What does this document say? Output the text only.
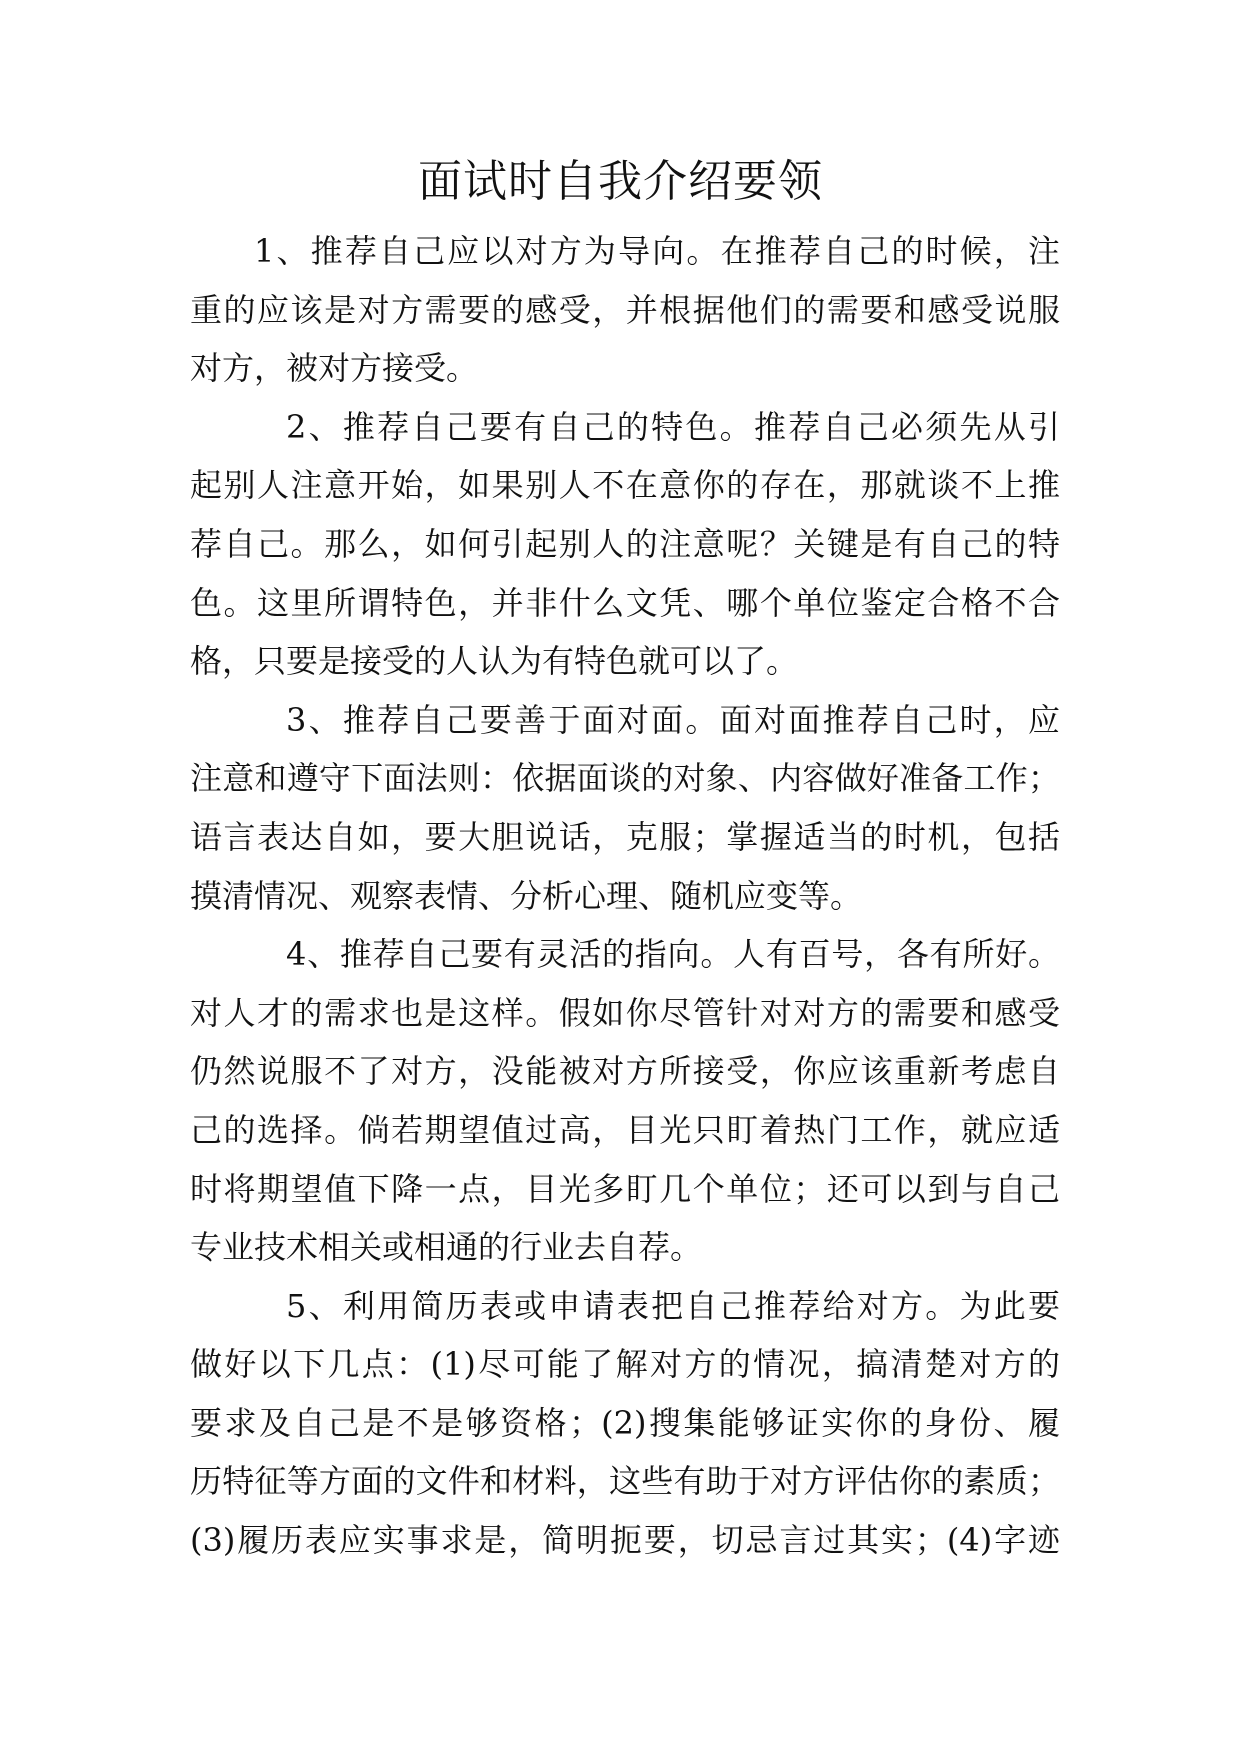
面试时自我介绍要领
1、推荐自己应以对方为导向。在推荐自己的时候，注
重的应该是对方需要的感受，并根据他们的需要和感受说服
对方，被对方接受。
2、推荐自己要有自己的特色。推荐自己必须先从引
起别人注意开始，如果别人不在意你的存在，那就谈不上推
荐自己。那么，如何引起别人的注意呢？关键是有自己的特
色。这里所谓特色，并非什么文凭、哪个单位鉴定合格不合
格，只要是接受的人认为有特色就可以了。
3、推荐自己要善于面对面。面对面推荐自己时，应
注意和遵守下面法则：依据面谈的对象、内容做好准备工作；
语言表达自如，要大胆说话，克服；掌握适当的时机，包括
摸清情况、观察表情、分析心理、随机应变等。
4、推荐自己要有灵活的指向。人有百号，各有所好。
对人才的需求也是这样。假如你尽管针对对方的需要和感受
仍然说服不了对方，没能被对方所接受，你应该重新考虑自
己的选择。倘若期望值过高，目光只盯着热门工作，就应适
时将期望值下降一点，目光多盯几个单位；还可以到与自己
专业技术相关或相通的行业去自荐。
5、利用简历表或申请表把自己推荐给对方。为此要
做好以下几点：(1)尽可能了解对方的情况，搞清楚对方的
要求及自己是不是够资格；(2)搜集能够证实你的身份、履
历特征等方面的文件和材料，这些有助于对方评估你的素质；
(3)履历表应实事求是，简明扼要，切忌言过其实；(4)字迹
